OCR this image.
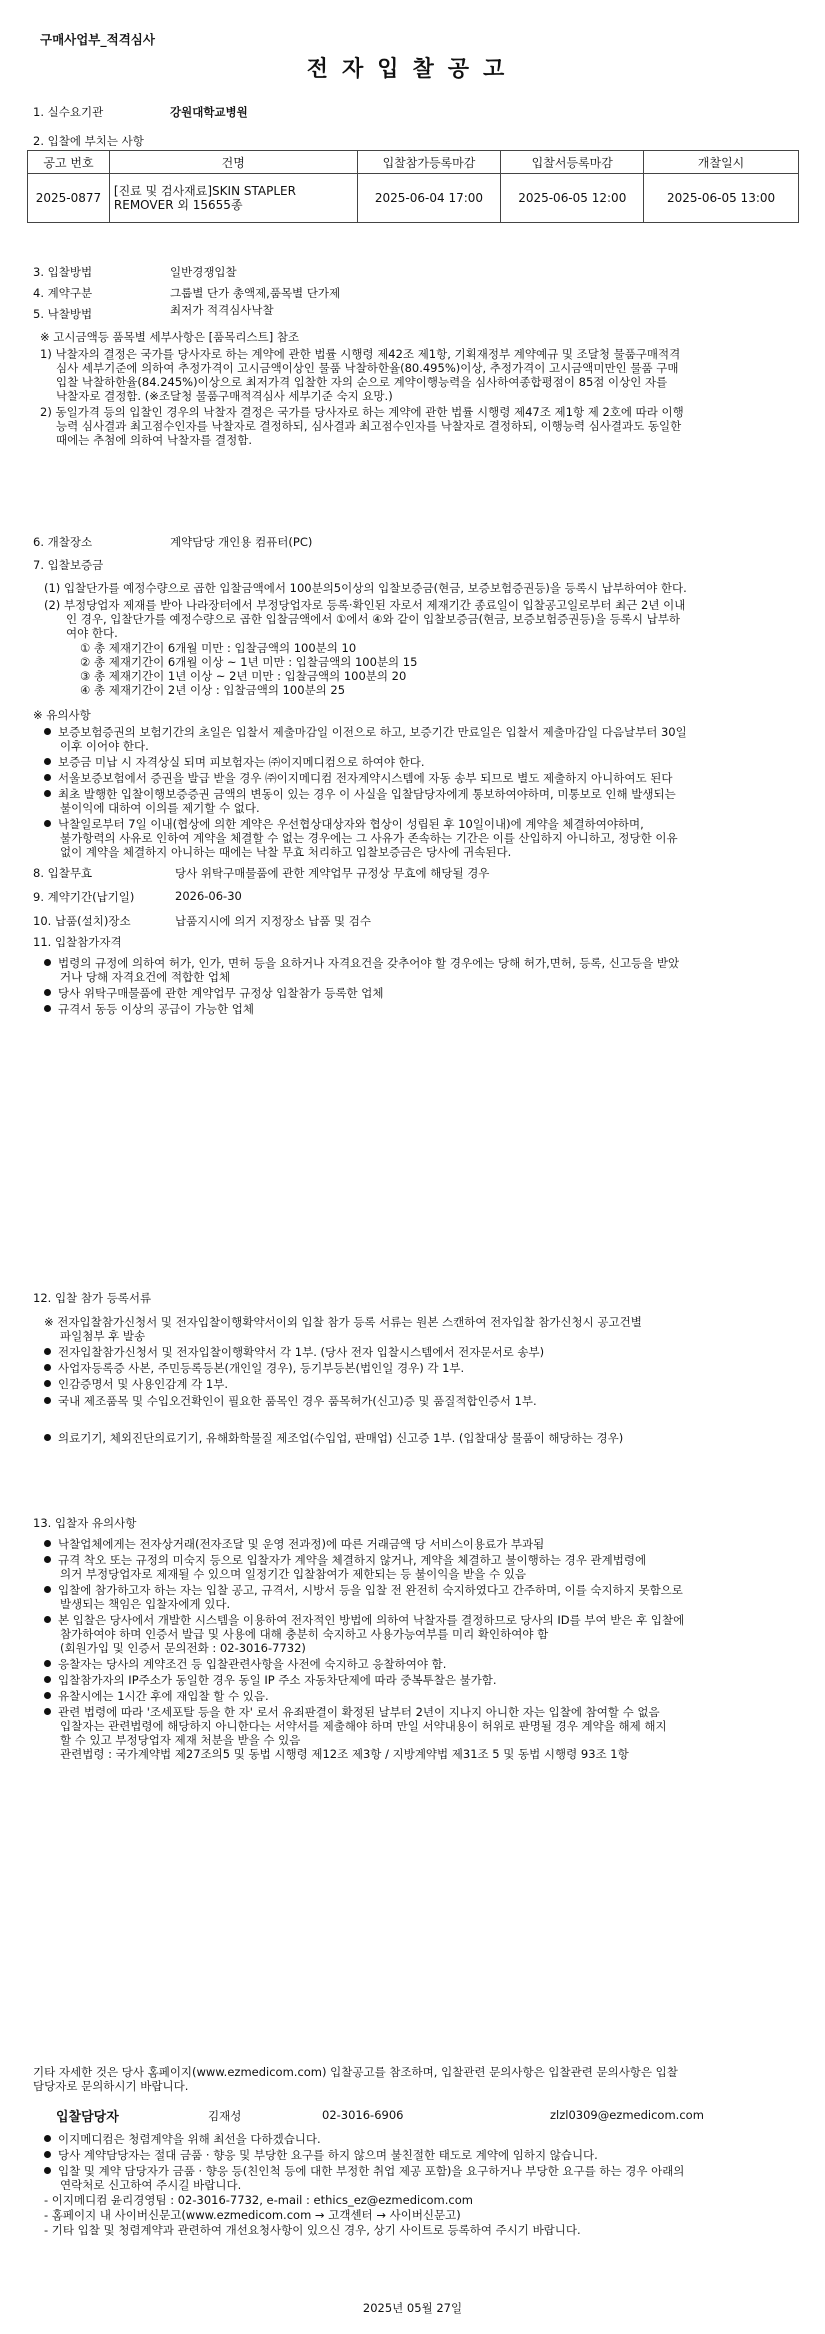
구매사업부_적격심사
전자입찰공고
1. 실수요기관	강원대학교병원
2. 입찰에 부치는 사항
공고 번호	건명	입찰참가등록마감	입찰서등록마감	개찰일시
2025-0877	[진료 및 검사재료]SKIN STAPLER
REMOVER 외 15655종	2025-06-04 17:00	2025-06-05 12:00	2025-06-05 13:00
3. 입찰방법	일반경쟁입찰
4. 계약구분	그룹별 단가 총액제,품목별 단가제
5. 낙찰방법	최저가 적격심사낙찰
※ 고시금액등 품목별 세부사항은 [품목리스트] 참조
1) 낙찰자의 결정은 국가를 당사자로 하는 계약에 관한 법률 시행령 제42조 제1항, 기획재정부 계약예규 및 조달청 물품구매적격
심사 세부기준에 의하여 추정가격이 고시금액이상인 물품 낙찰하한율(80.495%)이상, 추정가격이 고시금액미만인 물품 구매
입찰 낙찰하한율(84.245%)이상으로 최저가격 입찰한 자의 순으로 계약이행능력을 심사하여종합평점이 85점 이상인 자를
낙찰자로 결정함. (※조달청 물품구매적격심사 세부기준 숙지 요망.)
2) 동일가격 등의 입찰인 경우의 낙찰자 결정은 국가를 당사자로 하는 계약에 관한 법률 시행령 제47조 제1항 제 2호에 따라 이행
능력 심사결과 최고점수인자를 낙찰자로 결정하되, 심사결과 최고점수인자를 낙찰자로 결정하되, 이행능력 심사결과도 동일한
때에는 추첨에 의하여 낙찰자를 결정함.
6. 개찰장소	계약담당 개인용 컴퓨터(PC)
7. 입찰보증금
(1) 입찰단가를 예정수량으로 곱한 입찰금액에서 100분의5이상의 입찰보증금(현금, 보증보험증권등)을 등록시 납부하여야 한다.
(2) 부정당업자 제재를 받아 나라장터에서 부정당업자로 등록·확인된 자로서 제재기간 종료일이 입찰공고일로부터 최근 2년 이내
인 경우, 입찰단가를 예정수량으로 곱한 입찰금액에서 ①에서 ④와 같이 입찰보증금(현금, 보증보험증권등)을 등록시 납부하
여야 한다.
① 총 제재기간이 6개월 미만 : 입찰금액의 100분의 10
② 총 제재기간이 6개월 이상 ~ 1년 미만 : 입찰금액의 100분의 15
③ 총 제재기간이 1년 이상 ~ 2년 미만 : 입찰금액의 100분의 20
④ 총 제재기간이 2년 이상 : 입찰금액의 100분의 25
※ 유의사항
보증보험증권의 보험기간의 초일은 입찰서 제출마감일 이전으로 하고, 보증기간 만료일은 입찰서 제출마감일 다음날부터 30일
이후 이어야 한다.
보증금 미납 시 자격상실 되며 피보험자는 ㈜이지메디컴으로 하여야 한다.
서울보증보험에서 증권을 발급 받을 경우 ㈜이지메디컴 전자계약시스템에 자동 송부 되므로 별도 제출하지 아니하여도 된다
최초 발행한 입찰이행보증증권 금액의 변동이 있는 경우 이 사실을 입찰담당자에게 통보하여야하며, 미통보로 인해 발생되는
불이익에 대하여 이의를 제기할 수 없다.
낙찰일로부터 7일 이내(협상에 의한 계약은 우선협상대상자와 협상이 성립된 후 10일이내)에 계약을 체결하여야하며,
불가항력의 사유로 인하여 계약을 체결할 수 없는 경우에는 그 사유가 존속하는 기간은 이를 산입하지 아니하고, 정당한 이유
없이 계약을 체결하지 아니하는 때에는 낙찰 무효 처리하고 입찰보증금은 당사에 귀속된다.
8. 입찰무효	당사 위탁구매물품에 관한 계약업무 규정상 무효에 해당될 경우
9. 계약기간(납기일)	2026-06-30
10. 납품(설치)장소	납품지시에 의거 지정장소 납품 및 검수
11. 입찰참가자격
법령의 규정에 의하여 허가, 인가, 면허 등을 요하거나 자격요건을 갖추어야 할 경우에는 당해 허가,면허, 등록, 신고등을 받았
거나 당해 자격요건에 적합한 업체
당사 위탁구매물품에 관한 계약업무 규정상 입찰참가 등록한 업체
규격서 동등 이상의 공급이 가능한 업체
12. 입찰 참가 등록서류
※ 전자입찰참가신청서 및 전자입찰이행확약서이외 입찰 참가 등록 서류는 원본 스캔하여 전자입찰 참가신청시 공고건별
파일첨부 후 발송
전자입찰참가신청서 및 전자입찰이행확약서 각 1부. (당사 전자 입찰시스템에서 전자문서로 송부)
사업자등록증 사본, 주민등록등본(개인일 경우), 등기부등본(법인일 경우) 각 1부.
인감증명서 및 사용인감계 각 1부.
국내 제조품목 및 수입오건확인이 필요한 품목인 경우 품목허가(신고)증 및 품질적합인증서 1부.
의료기기, 체외진단의료기기, 유해화학물질 제조업(수입업, 판매업) 신고증 1부. (입찰대상 물품이 해당하는 경우)
13. 입찰자 유의사항
낙찰업체에게는 전자상거래(전자조달 및 운영 전과정)에 따른 거래금액 당 서비스이용료가 부과됨
규격 착오 또는 규정의 미숙지 등으로 입찰자가 계약을 체결하지 않거나, 계약을 체결하고 불이행하는 경우 관계법령에
의거 부정당업자로 제재될 수 있으며 일정기간 입찰참여가 제한되는 등 불이익을 받을 수 있음
입찰에 참가하고자 하는 자는 입찰 공고, 규격서, 시방서 등을 입찰 전 완전히 숙지하였다고 간주하며, 이를 숙지하지 못함으로
발생되는 책임은 입찰자에게 있다.
본 입찰은 당사에서 개발한 시스템을 이용하여 전자적인 방법에 의하여 낙찰자를 결정하므로 당사의 ID를 부여 받은 후 입찰에
참가하여야 하며 인증서 발급 및 사용에 대해 충분히 숙지하고 사용가능여부를 미리 확인하여야 함
(회원가입 및 인증서 문의전화 : 02-3016-7732)
응찰자는 당사의 계약조건 등 입찰관련사항을 사전에 숙지하고 응찰하여야 함.
입찰참가자의 IP주소가 동일한 경우 동일 IP 주소 자동차단제에 따라 중복투찰은 불가함.
유찰시에는 1시간 후에 재입찰 할 수 있음.
관련 법령에 따라 '조세포탈 등을 한 자' 로서 유죄판결이 확정된 날부터 2년이 지나지 아니한 자는 입찰에 참여할 수 없음
입찰자는 관련법령에 해당하지 아니한다는 서약서를 제출해야 하며 만일 서약내용이 허위로 판명될 경우 계약을 해제 해지
할 수 있고 부정당업자 제재 처분을 받을 수 있음
관련법령 : 국가계약법 제27조의5 및 동법 시행령 제12조 제3항 / 지방계약법 제31조 5 및 동법 시행령 93조 1항
기타 자세한 것은 당사 홈페이지(www.ezmedicom.com) 입찰공고를 참조하며, 입찰관련 문의사항은 입찰관련 문의사항은 입찰
담당자로 문의하시기 바랍니다.
입찰담당자	김재성	02-3016-6906	zlzl0309@ezmedicom.com
이지메디컴은 청렴계약을 위해 최선을 다하겠습니다.
당사 계약담당자는 절대 금품 · 향응 및 부당한 요구를 하지 않으며 불친절한 태도로 계약에 임하지 않습니다.
입찰 및 계약 담당자가 금품 · 향응 등(친인척 등에 대한 부정한 취업 제공 포함)을 요구하거나 부당한 요구를 하는 경우 아래의
연락처로 신고하여 주시길 바랍니다.
- 이지메디컴 윤리경영팀 : 02-3016-7732, e-mail : ethics_ez@ezmedicom.com
- 홈페이지 내 사이버신문고(www.ezmedicom.com → 고객센터 → 사이버신문고)
- 기타 입찰 및 청렴계약과 관련하여 개선요청사항이 있으신 경우, 상기 사이트로 등록하여 주시기 바랍니다.
2025년 05월 27일
